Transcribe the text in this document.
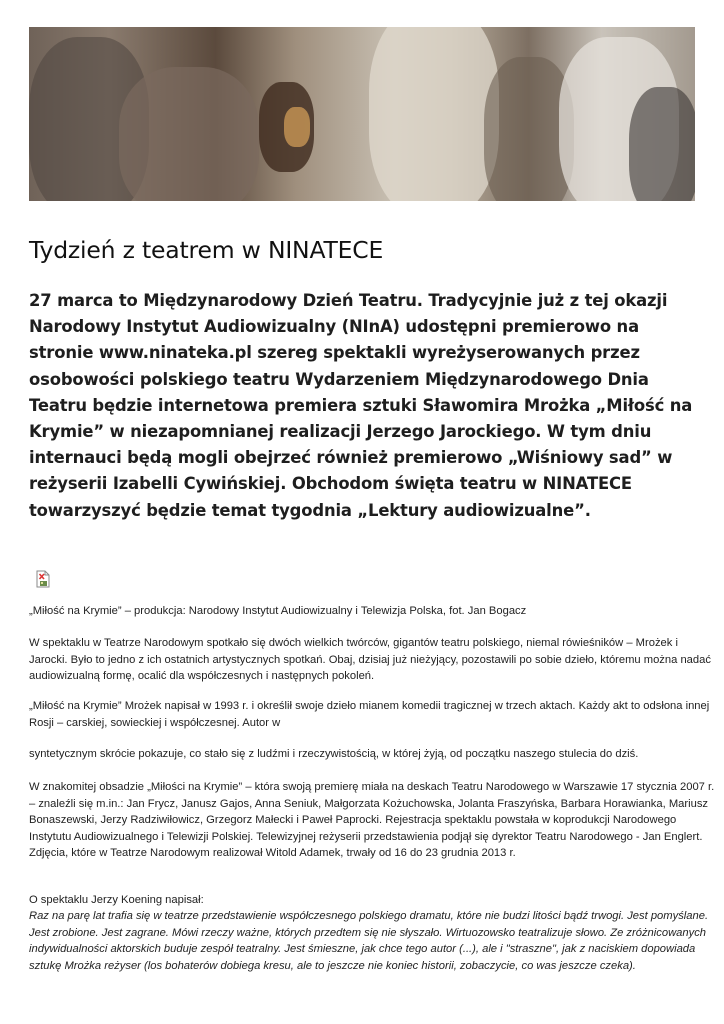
Tydzień z teatrem w NINATECE

27 marca to Międzynarodowy Dzień Teatru. Tradycyjnie już z tej okazji Narodowy Instytut Audiowizualny (NInA) udostępni premierowo na stronie www.ninateka.pl szereg spektakli wyreżyserowanych przez osobowości polskiego teatru Wydarzeniem Międzynarodowego Dnia Teatru będzie internetowa premiera sztuki Sławomira Mrożka „Miłość na Krymie” w niezapomnianej realizacji Jerzego Jarockiego. W tym dniu internauci będą mogli obejrzeć również premierowo „Wiśniowy sad” w reżyserii Izabelli Cywińskiej. Obchodom święta teatru w NINATECE towarzyszyć będzie temat tygodnia „Lektury audiowizualne”.

„Miłość na Krymie” – produkcja: Narodowy Instytut Audiowizualny i Telewizja Polska, fot. Jan Bogacz

W spektaklu w Teatrze Narodowym spotkało się dwóch wielkich twórców, gigantów teatru polskiego, niemal rówieśników – Mrożek i Jarocki. Było to jedno z ich ostatnich artystycznych spotkań. Obaj, dzisiaj już nieżyjący, pozostawili po sobie dzieło, któremu można nadać audiowizualną formę, ocalić dla współczesnych i następnych pokoleń.

„Miłość na Krymie” Mrożek napisał w 1993 r. i określił swoje dzieło mianem komedii tragicznej w trzech aktach. Każdy akt to odsłona innej Rosji – carskiej, sowieckiej i współczesnej. Autor w

syntetycznym skrócie pokazuje, co stało się z ludźmi i rzeczywistością, w której żyją, od początku naszego stulecia do dziś.

W znakomitej obsadzie „Miłości na Krymie” – która swoją premierę miała na deskach Teatru Narodowego w Warszawie 17 stycznia 2007 r. – znaleźli się m.in.: Jan Frycz, Janusz Gajos, Anna Seniuk, Małgorzata Kożuchowska, Jolanta Fraszyńska, Barbara Horawianka, Mariusz Bonaszewski, Jerzy Radziwiłowicz, Grzegorz Małecki i Paweł Paprocki. Rejestracja spektaklu powstała w koprodukcji Narodowego Instytutu Audiowizualnego i Telewizji Polskiej. Telewizyjnej reżyserii przedstawienia podjął się dyrektor Teatru Narodowego - Jan Englert. Zdjęcia, które w Teatrze Narodowym realizował Witold Adamek, trwały od 16 do 23 grudnia 2013 r.

O spektaklu Jerzy Koening napisał:

Raz na parę lat trafia się w teatrze przedstawienie współczesnego polskiego dramatu, które nie budzi litości bądź trwogi. Jest pomyślane. Jest zrobione. Jest zagrane. Mówi rzeczy ważne, których przedtem się nie słyszało. Wirtuozowsko teatralizuje słowo. Ze zróżnicowanych indywidualności aktorskich buduje zespół teatralny. Jest śmieszne, jak chce tego autor (...), ale i "straszne", jak z naciskiem dopowiada sztukę Mrożka reżyser (los bohaterów dobiega kresu, ale to jeszcze nie koniec historii, zobaczycie, co was jeszcze czeka).
